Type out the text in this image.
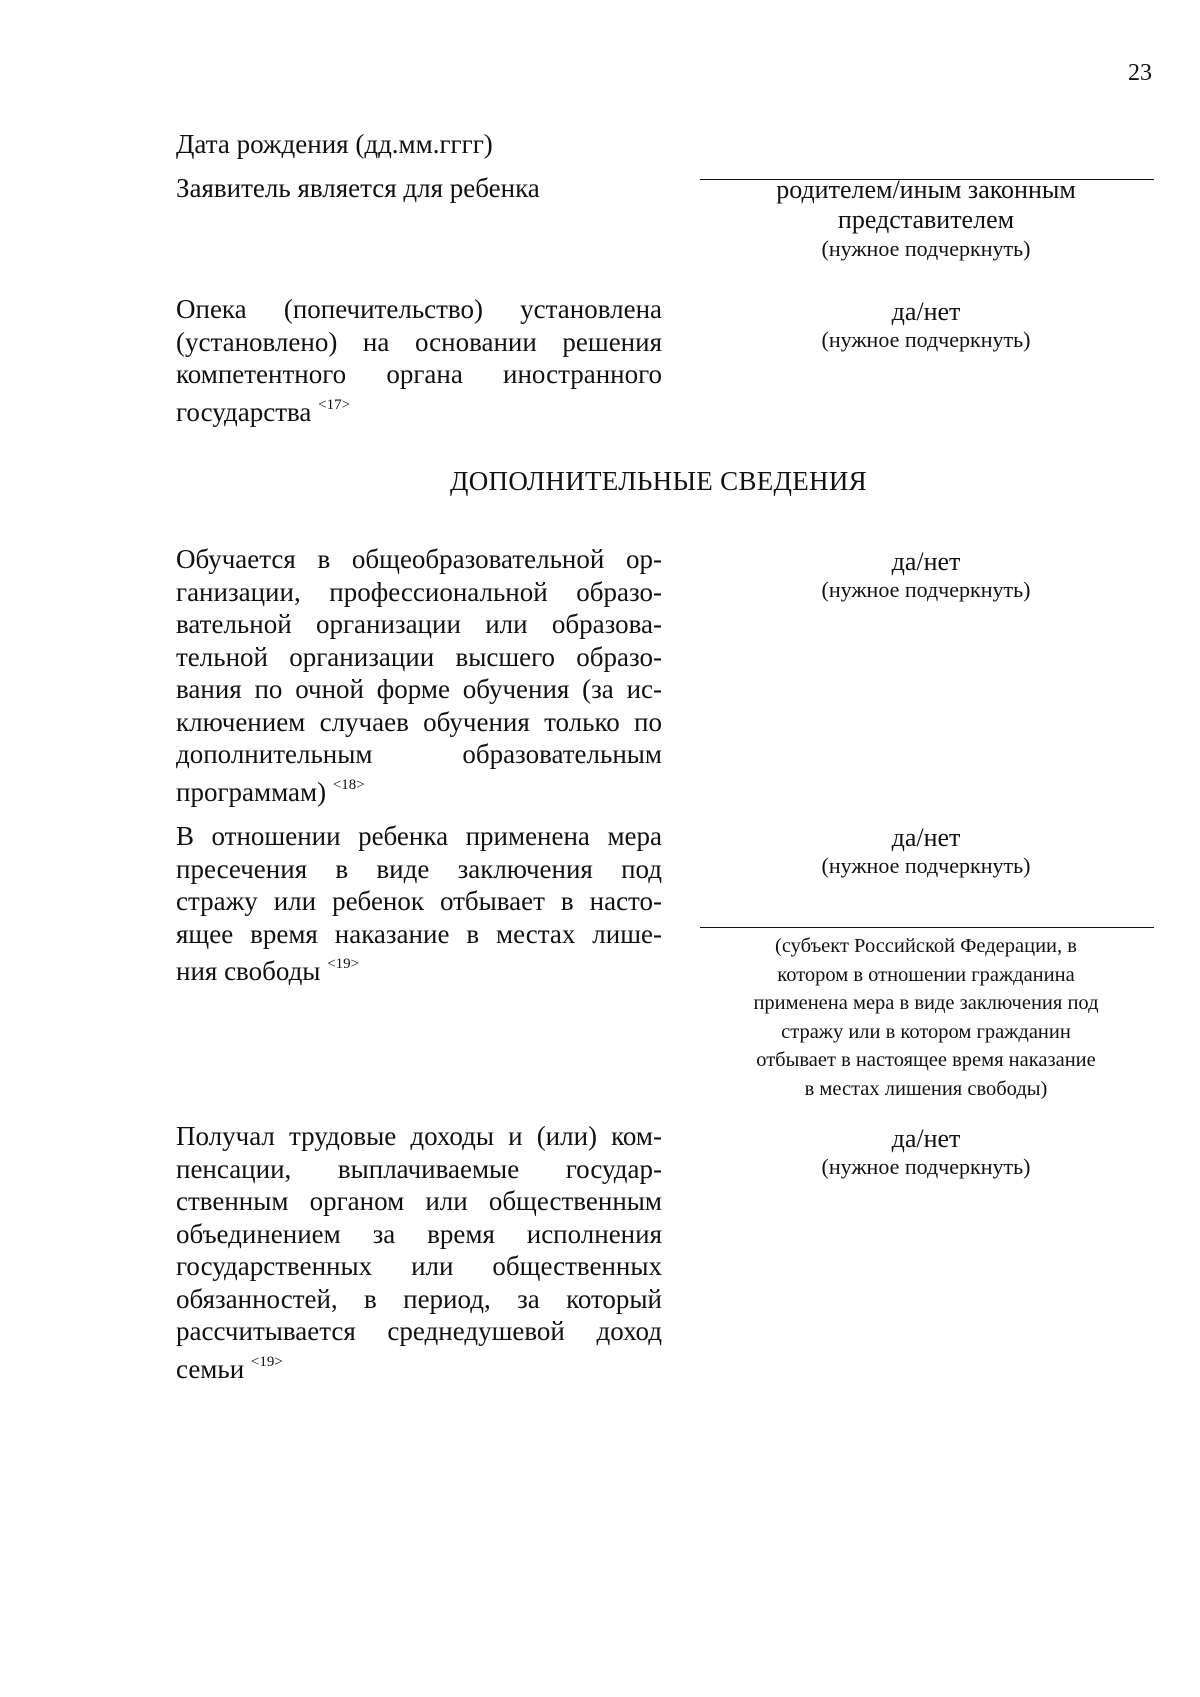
23
Дата рождения (дд.мм.гггг)
Заявитель является для ребенка	родителем/иным законным
представителем
(нужное подчеркнуть)
Опека (попечительство) установлена
(установлено) на основании решения
компетентного органа иностранного
государства $^{<17>}$
да/нет
(нужное подчеркнуть)
ДОПОЛНИТЕЛЬНЫЕ СВЕДЕНИЯ
Обучается в общеобразовательной ор-
ганизации, профессиональной образо-
вательной организации или образова-
тельной организации высшего образо-
вания по очной форме обучения (за ис-
ключением случаев обучения только по
дополнительным образовательным
программам) $^{<18>}$
да/нет
(нужное подчеркнуть)
В отношении ребенка применена мера
пресечения в виде заключения под
стражу или ребенок отбывает в насто-
ящее время наказание в местах лише-
ния свободы $^{<19>}$
да/нет
(нужное подчеркнуть)
(субъект Российской Федерации, в
котором в отношении гражданина
применена мера в виде заключения под
стражу или в котором гражданин
отбывает в настоящее время наказание
в местах лишения свободы)
Получал трудовые доходы и (или) ком-
пенсации, выплачиваемые государ-
ственным органом или общественным
объединением за время исполнения
государственных или общественных
обязанностей, в период, за который
рассчитывается среднедушевой доход
семьи $^{<19>}$
да/нет
(нужное подчеркнуть)
